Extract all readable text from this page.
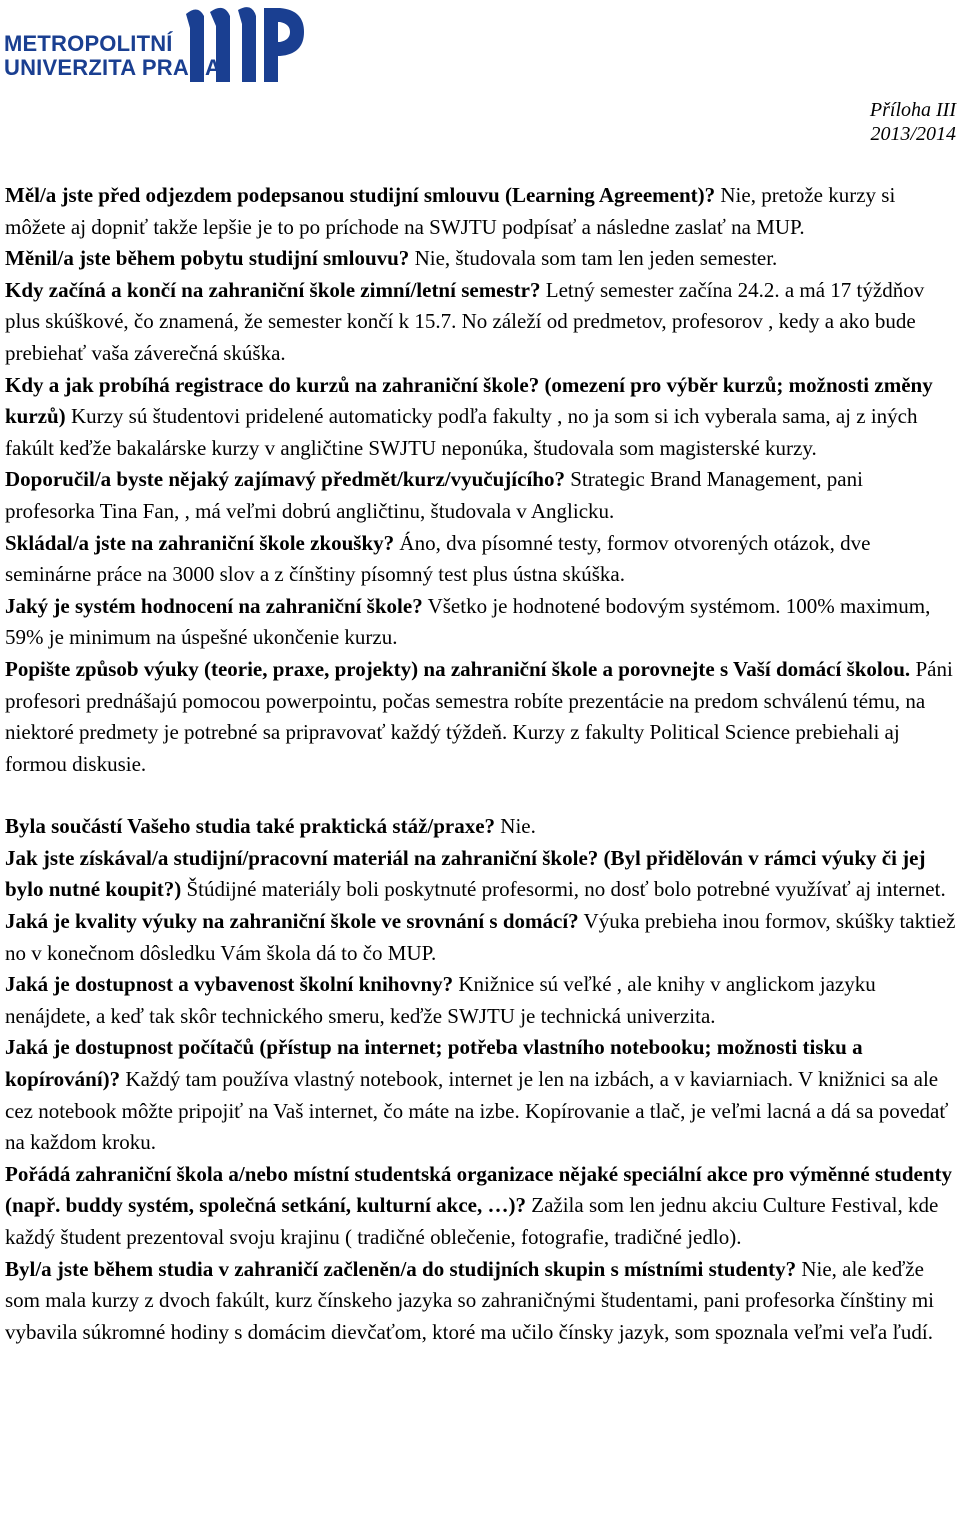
METROPOLITNÍ
UNIVERZITA PRAHA
Příloha III
2013/2014

Měl/a jste před odjezdem podepsanou studijní smlouvu (Learning Agreement)? Nie, pretože kurzy si môžete aj dopniť takže lepšie je to po príchode na SWJTU podpísať a následne zaslať na MUP.

Měnil/a jste během pobytu studijní smlouvu? Nie, študovala som tam len jeden semester.

Kdy začíná a končí na zahraniční škole zimní/letní semestr? Letný semester začína 24.2. a má 17 týždňov plus skúškové, čo znamená, že semester končí k 15.7. No záleží od predmetov, profesorov , kedy a ako bude prebiehať vaša záverečná skúška.

Kdy a jak probíhá registrace do kurzů na zahraniční škole? (omezení pro výběr kurzů; možnosti změny kurzů) Kurzy sú študentovi pridelené automaticky podľa fakulty , no ja som si ich vyberala sama, aj z iných fakúlt keďže bakalárske kurzy v angličtine SWJTU neponúka, študovala som magisterské kurzy.

Doporučil/a byste nějaký zajímavý předmět/kurz/vyučujícího? Strategic Brand Management, pani profesorka Tina Fan, , má veľmi dobrú angličtinu, študovala v Anglicku.

Skládal/a jste na zahraniční škole zkoušky? Áno, dva písomné testy, formov otvorených otázok, dve seminárne práce na 3000 slov a z čínštiny písomný test plus ústna skúška.

Jaký je systém hodnocení na zahraniční škole? Všetko je hodnotené bodovým systémom. 100% maximum, 59% je minimum na úspešné ukončenie kurzu.

Popište způsob výuky (teorie, praxe, projekty) na zahraniční škole a porovnejte s Vaší domácí školou. Páni profesori prednášajú pomocou powerpointu, počas semestra robíte prezentácie na predom schválenú tému, na niektoré predmety je potrebné sa pripravovať každý týždeň. Kurzy z fakulty Political Science prebiehali aj formou diskusie.

Byla součástí Vašeho studia také praktická stáž/praxe? Nie.

Jak jste získával/a studijní/pracovní materiál na zahraniční škole? (Byl přidělován v rámci výuky či jej bylo nutné koupit?) Štúdijné materiály boli poskytnuté profesormi, no dosť bolo potrebné využívať aj internet.

Jaká je kvality výuky na zahraniční škole ve srovnání s domácí? Výuka prebieha inou formov, skúšky taktiež no v konečnom dôsledku Vám škola dá to čo MUP.

Jaká je dostupnost a vybavenost školní knihovny? Knižnice sú veľké , ale knihy v anglickom jazyku nenájdete, a keď tak skôr technického smeru, keďže SWJTU je technická univerzita.

Jaká je dostupnost počítačů (přístup na internet; potřeba vlastního notebooku; možnosti tisku a kopírování)? Každý tam používa vlastný notebook, internet je len na izbách, a v kaviarniach. V knižnici sa ale cez notebook môžte pripojiť na Vaš internet, čo máte na izbe. Kopírovanie a tlač, je veľmi lacná a dá sa povedať na každom kroku.

Pořádá zahraniční škola a/nebo místní studentská organizace nějaké speciální akce pro výměnné studenty (např. buddy systém, společná setkání, kulturní akce, …)? Zažila som len jednu akciu Culture Festival, kde každý študent prezentoval svoju krajinu ( tradičné oblečenie, fotografie, tradičné jedlo).

Byl/a jste během studia v zahraničí začleněn/a do studijních skupin s místními studenty? Nie, ale keďže som mala kurzy z dvoch fakúlt, kurz čínskeho jazyka so zahraničnými študentami, pani profesorka čínštiny mi vybavila súkromné hodiny s domácim dievčaťom, ktoré ma učilo čínsky jazyk, som spoznala veľmi veľa ľudí.
